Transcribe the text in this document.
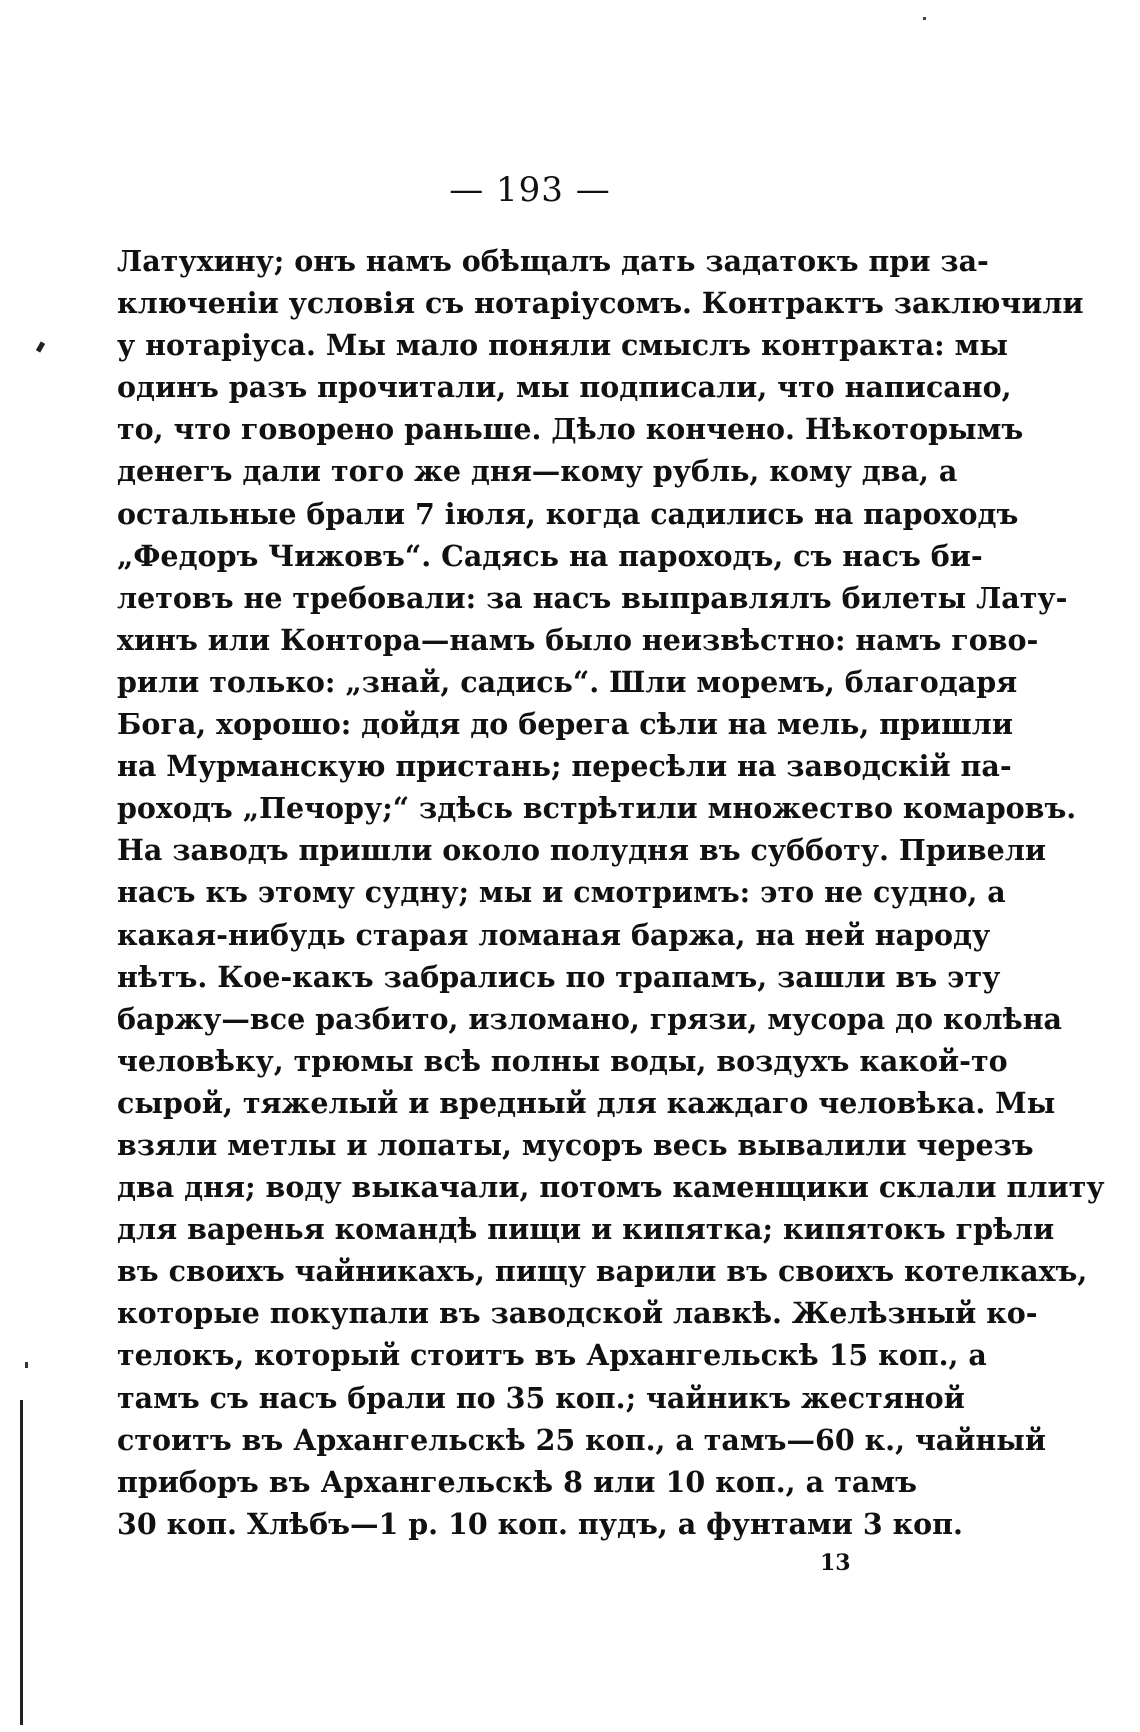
— 193 —
Латухину; онъ намъ обѣщалъ дать задатокъ при за-
ключеніи условія съ нотаріусомъ. Контрактъ заключили
у нотаріуса. Мы мало поняли смыслъ контракта: мы
одинъ разъ прочитали, мы подписали, что написано,
то, что говорено раньше. Дѣло кончено. Нѣкоторымъ
денегъ дали того же дня—кому рубль, кому два, а
остальные брали 7 іюля, когда садились на пароходъ
„Федоръ Чижовъ“. Садясь на пароходъ, съ насъ би-
летовъ не требовали: за насъ выправлялъ билеты Лату-
хинъ или Контора—намъ было неизвѣстно: намъ гово-
рили только: „знай, садись“. Шли моремъ, благодаря
Бога, хорошо: дойдя до берега сѣли на мель, пришли
на Мурманскую пристань; пересѣли на заводскій па-
роходъ „Печору;“ здѣсь встрѣтили множество комаровъ.
На заводъ пришли около полудня въ субботу. Привели
насъ къ этому судну; мы и смотримъ: это не судно, а
какая-нибудь старая ломаная баржа, на ней народу
нѣтъ. Кое-какъ забрались по трапамъ, зашли въ эту
баржу—все разбито, изломано, грязи, мусора до колѣна
человѣку, трюмы всѣ полны воды, воздухъ какой-то
сырой, тяжелый и вредный для каждаго человѣка. Мы
взяли метлы и лопаты, мусоръ весь вывалили черезъ
два дня; воду выкачали, потомъ каменщики склали плиту
для варенья командѣ пищи и кипятка; кипятокъ грѣли
въ своихъ чайникахъ, пищу варили въ своихъ котелкахъ,
которые покупали въ заводской лавкѣ. Желѣзный ко-
телокъ, который стоитъ въ Архангельскѣ 15 коп., а
тамъ съ насъ брали по 35 коп.; чайникъ жестяной
стоитъ въ Архангельскѣ 25 коп., а тамъ—60 к., чайный
приборъ въ Архангельскѣ 8 или 10 коп., а тамъ
30 коп. Хлѣбъ—1 р. 10 коп. пудъ, а фунтами 3 коп.
13
